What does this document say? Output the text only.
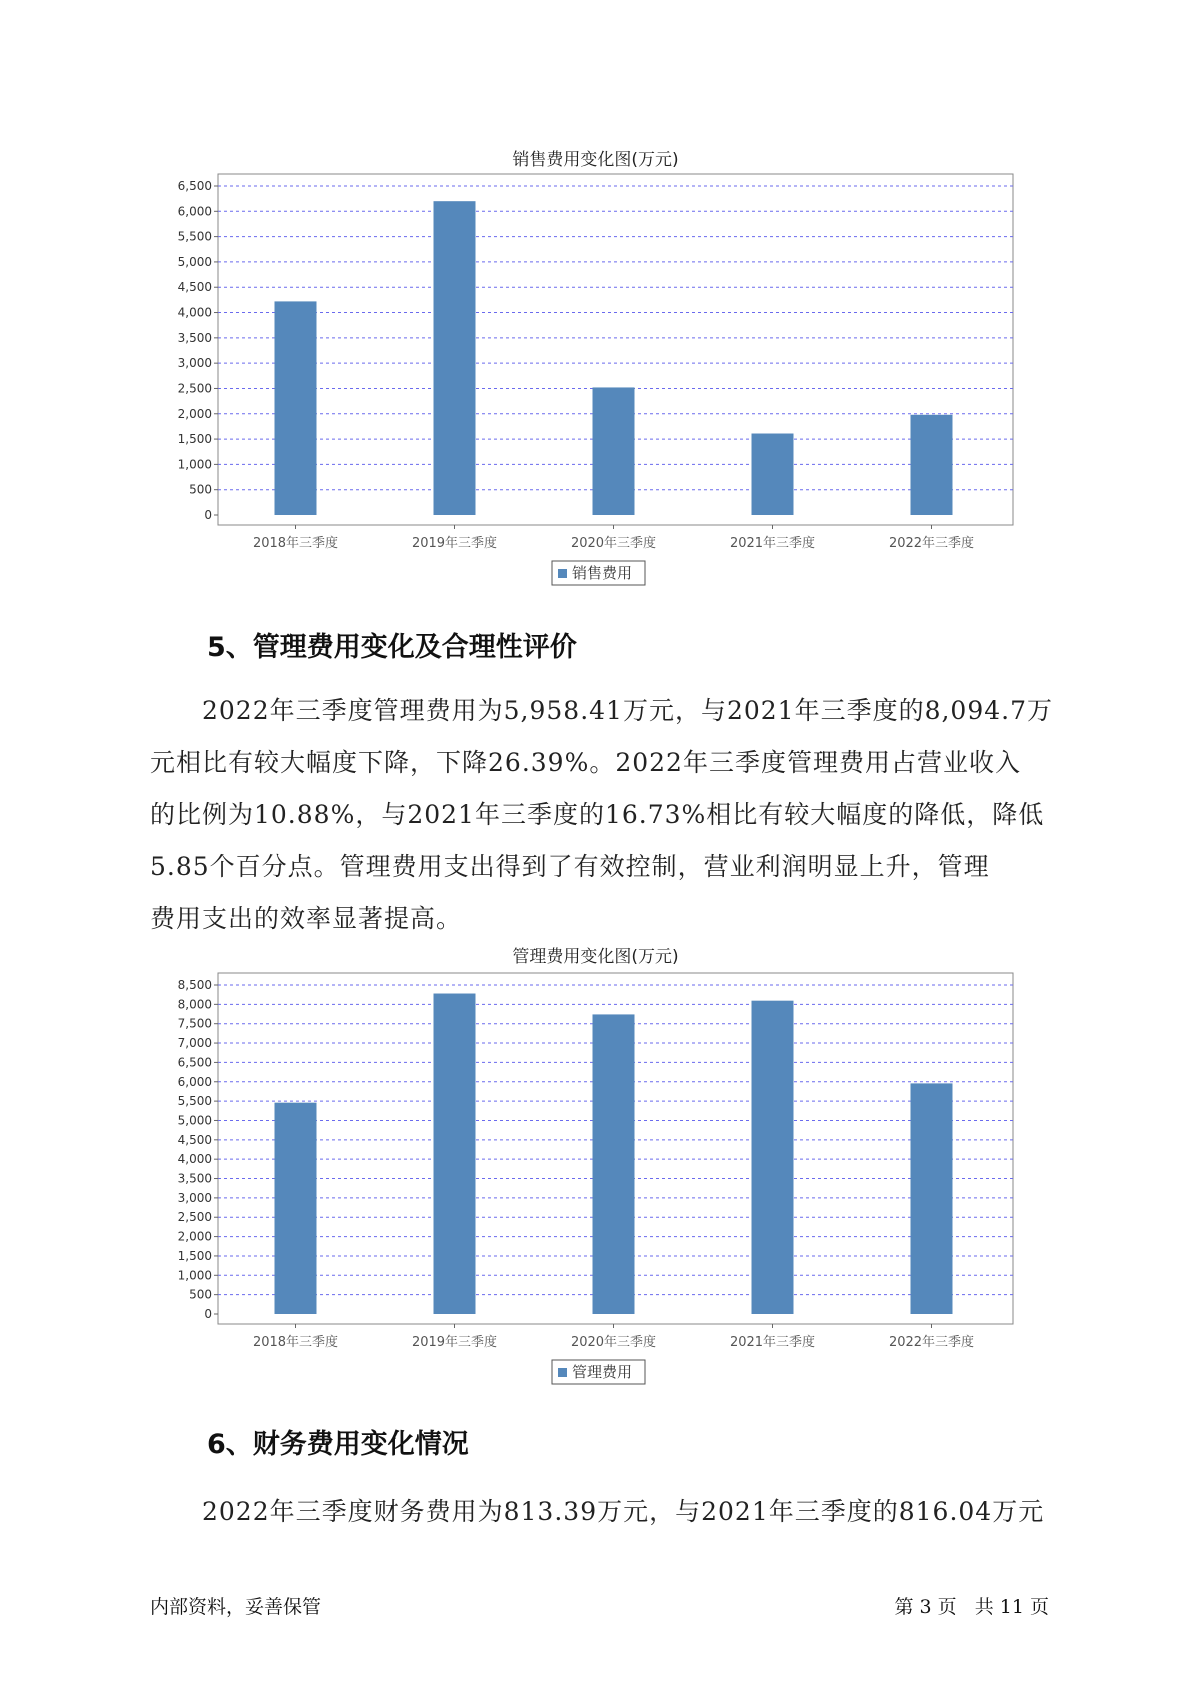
销售费用变化图(万元)
0
500
1,000
1,500
2,000
2,500
3,000
3,500
4,000
4,500
5,000
5,500
6,000
6,500
2018年三季度	2019年三季度	2020年三季度	2021年三季度	2022年三季度
销售费用
5、管理费用变化及合理性评价
2022年三季度管理费用为5,958.41万元，与2021年三季度的8,094.7万
元相比有较大幅度下降，下降26.39%。2022年三季度管理费用占营业收入
的比例为10.88%，与2021年三季度的16.73%相比有较大幅度的降低，降低
5.85个百分点。管理费用支出得到了有效控制，营业利润明显上升，管理
费用支出的效率显著提高。
管理费用变化图(万元)
0
500
1,000
1,500
2,000
2,500
3,000
3,500
4,000
4,500
5,000
5,500
6,000
6,500
7,000
7,500
8,000
8,500
2018年三季度	2019年三季度	2020年三季度	2021年三季度	2022年三季度
管理费用
6、财务费用变化情况
2022年三季度财务费用为813.39万元，与2021年三季度的816.04万元
内部资料，妥善保管	第 3 页   共 11 页
